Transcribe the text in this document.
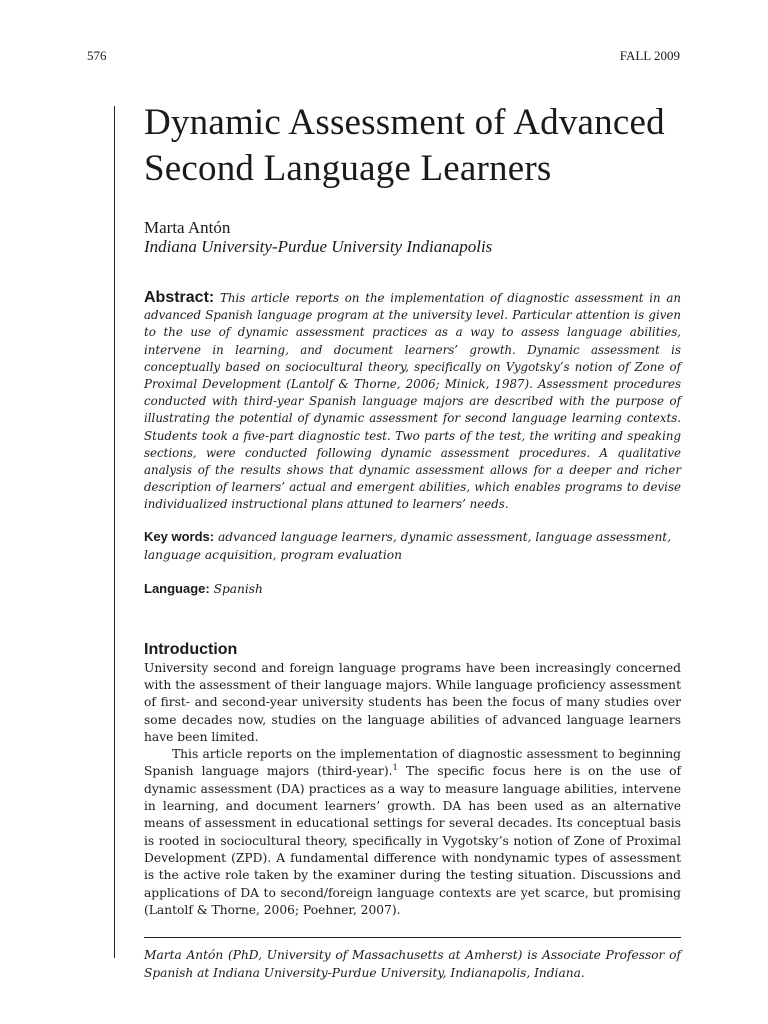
576	FALL 2009
Dynamic Assessment of Advanced
Second Language Learners
Marta Antón
Indiana University-Purdue University Indianapolis
Abstract: This article reports on the implementation of diagnostic assessment in an advanced Spanish language program at the university level. Particular attention is given to the use of dynamic assessment practices as a way to assess language abilities, intervene in learning, and document learners’ growth. Dynamic assessment is conceptually based on sociocultural theory, specifically on Vygotsky’s notion of Zone of Proximal Development (Lantolf & Thorne, 2006; Minick, 1987). Assessment procedures conducted with third-year Spanish language majors are described with the purpose of illustrating the potential of dynamic assessment for second language learning contexts. Students took a five-part diagnostic test. Two parts of the test, the writing and speaking sections, were conducted following dynamic assessment procedures. A qualitative analysis of the results shows that dynamic assessment allows for a deeper and richer description of learners’ actual and emergent abilities, which enables programs to devise individualized instructional plans attuned to learners’ needs.
Key words: advanced language learners, dynamic assessment, language assessment, language acquisition, program evaluation
Language: Spanish
Introduction

University second and foreign language programs have been increasingly concerned with the assessment of their language majors. While language proficiency assessment of first- and second-year university students has been the focus of many studies over some decades now, studies on the language abilities of advanced language learners have been limited.

This article reports on the implementation of diagnostic assessment to beginning Spanish language majors (third-year).$^1$ The specific focus here is on the use of dynamic assessment (DA) practices as a way to measure language abilities, intervene in learning, and document learners’ growth. DA has been used as an alternative means of assessment in educational settings for several decades. Its conceptual basis is rooted in sociocultural theory, specifically in Vygotsky’s notion of Zone of Proximal Development (ZPD). A fundamental difference with nondynamic types of assessment is the active role taken by the examiner during the testing situation. Discussions and applications of DA to second/foreign language contexts are yet scarce, but promising (Lantolf & Thorne, 2006; Poehner, 2007).

Marta Antón (PhD, University of Massachusetts at Amherst) is Associate Professor of Spanish at Indiana University-Purdue University, Indianapolis, Indiana.
